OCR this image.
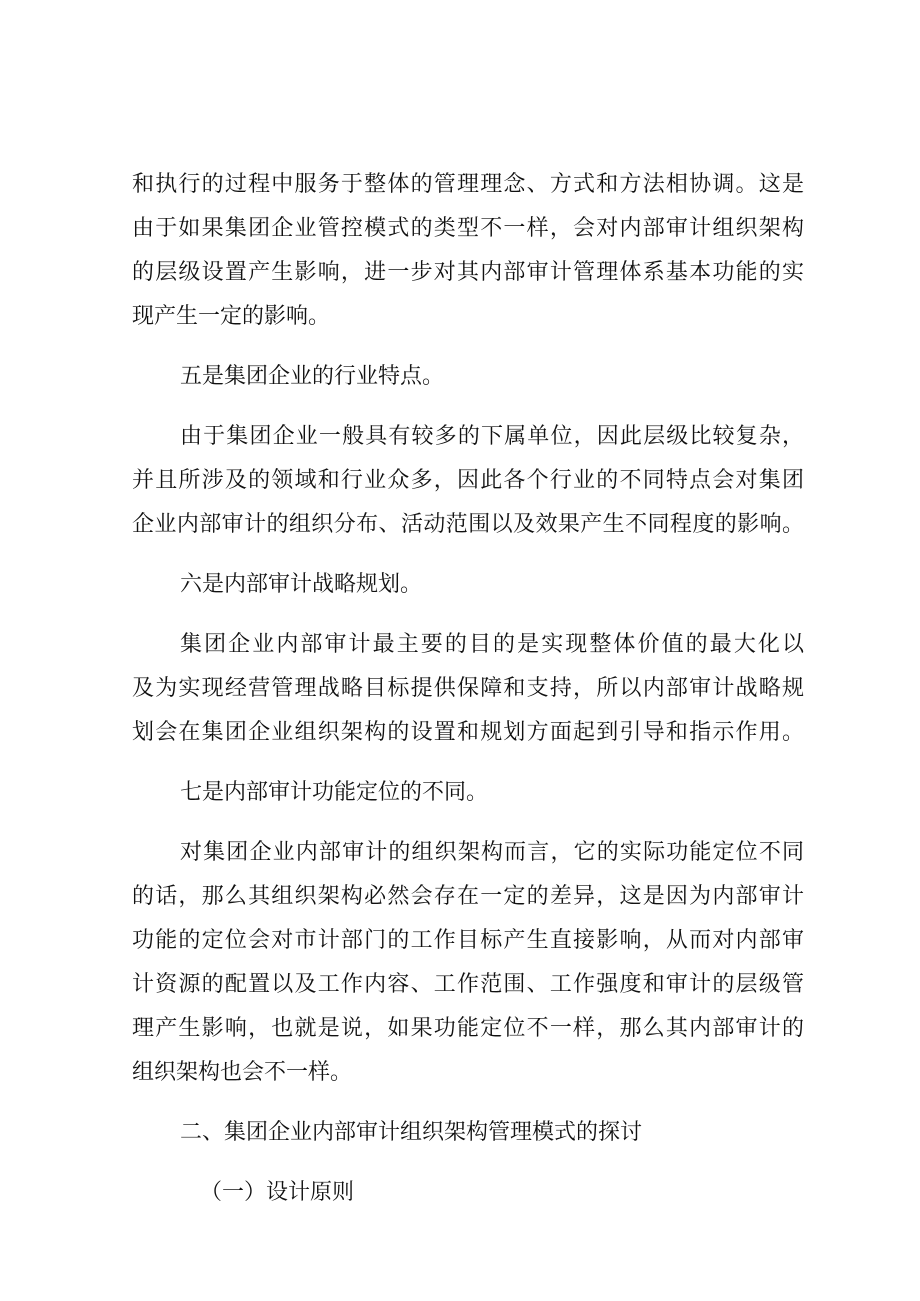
和执行的过程中服务于整体的管理理念、方式和方法相协调。这是
由于如果集团企业管控模式的类型不一样，会对内部审计组织架构
的层级设置产生影响，进一步对其内部审计管理体系基本功能的实
现产生一定的影响。
五是集团企业的行业特点。
由于集团企业一般具有较多的下属单位，因此层级比较复杂，
并且所涉及的领域和行业众多，因此各个行业的不同特点会对集团
企业内部审计的组织分布、活动范围以及效果产生不同程度的影响。
六是内部审计战略规划。
集团企业内部审计最主要的目的是实现整体价值的最大化以
及为实现经营管理战略目标提供保障和支持，所以内部审计战略规
划会在集团企业组织架构的设置和规划方面起到引导和指示作用。
七是内部审计功能定位的不同。
对集团企业内部审计的组织架构而言，它的实际功能定位不同
的话，那么其组织架构必然会存在一定的差异，这是因为内部审计
功能的定位会对市计部门的工作目标产生直接影响，从而对内部审
计资源的配置以及工作内容、工作范围、工作强度和审计的层级管
理产生影响，也就是说，如果功能定位不一样，那么其内部审计的
组织架构也会不一样。
二、集团企业内部审计组织架构管理模式的探讨
（一）设计原则
